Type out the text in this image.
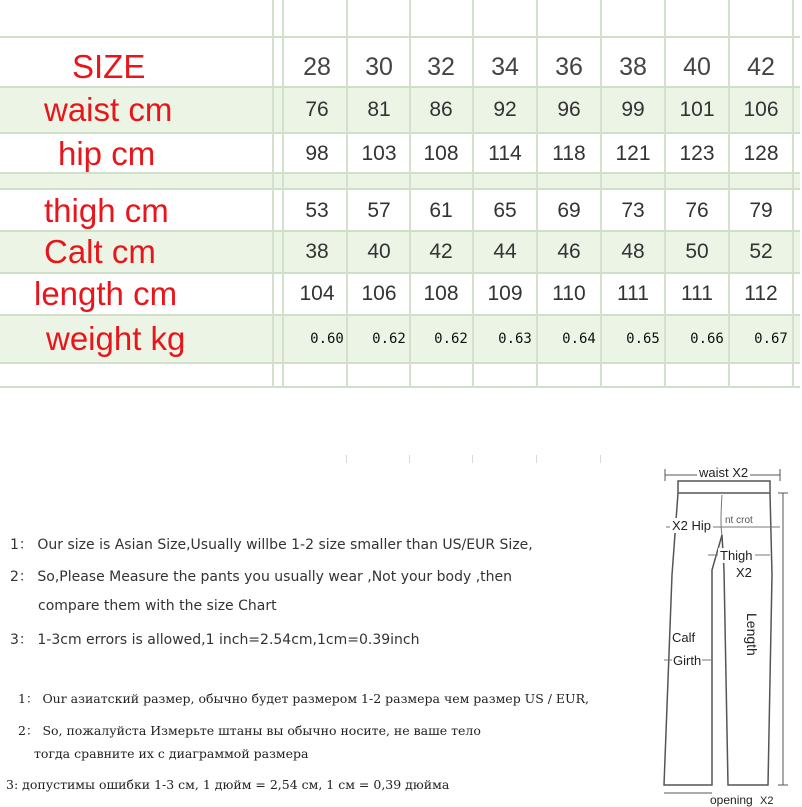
SIZE	28	30	32	34	36	38	40	42
waist cm	76	81	86	92	96	99	101	106
hip cm	98	103	108	114	118	121	123	128
thigh cm	53	57	61	65	69	73	76	79
Calt cm	38	40	42	44	46	48	50	52
length cm	104	106	108	109	110	111	111	112
weight kg	0.60	0.62	0.62	0.63	0.64	0.65	0.66	0.67
1： Our size is Asian Size,Usually willbe 1-2 size smaller than US/EUR Size,
2： So,Please Measure the pants you usually wear ,Not your body ,then
compare them with the size Chart
3： 1-3cm errors is allowed,1 inch=2.54cm,1cm=0.39inch
1： Our азиатский размер, обычно будет размером 1-2 размера чем размер US / EUR,
2： So, пожалуйста Измерьте штаны вы обычно носите, не ваше тело
тогда сравните их с диаграммой размера
3: допустимы ошибки 1-3 см, 1 дюйм = 2,54 см, 1 см = 0,39 дюйма
waist X2
X2 Hip nt crot
Thigh
X2
Length
Calf
Girth
opening X2
